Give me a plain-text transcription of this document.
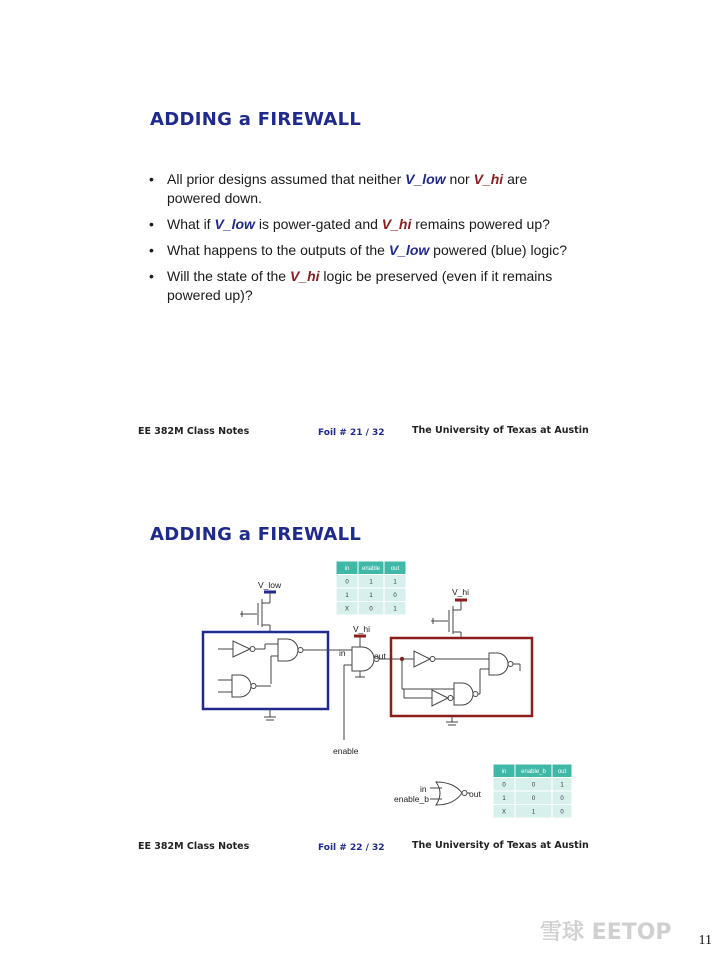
ADDING a FIREWALL
• All prior designs assumed that neither V_low nor V_hi are powered down.
• What if V_low is power-gated and V_hi remains powered up?
• What happens to the outputs of the V_low powered (blue) logic?
• Will the state of the V_hi logic be preserved (even if it remains powered up)?
EE 382M Class Notes	Foil # 21 / 32	The University of Texas at Austin
ADDING a FIREWALL
V_low
V_hi
in	out
enable
V_hi
in enable out
0	1	1
1	1	0
X	0	1
in enable_b out
0	0	1
1	0	0
X	1	0
in
enable_b	out
EE 382M Class Notes	Foil # 22 / 32	The University of Texas at Austin
雪球 EETOP 11
